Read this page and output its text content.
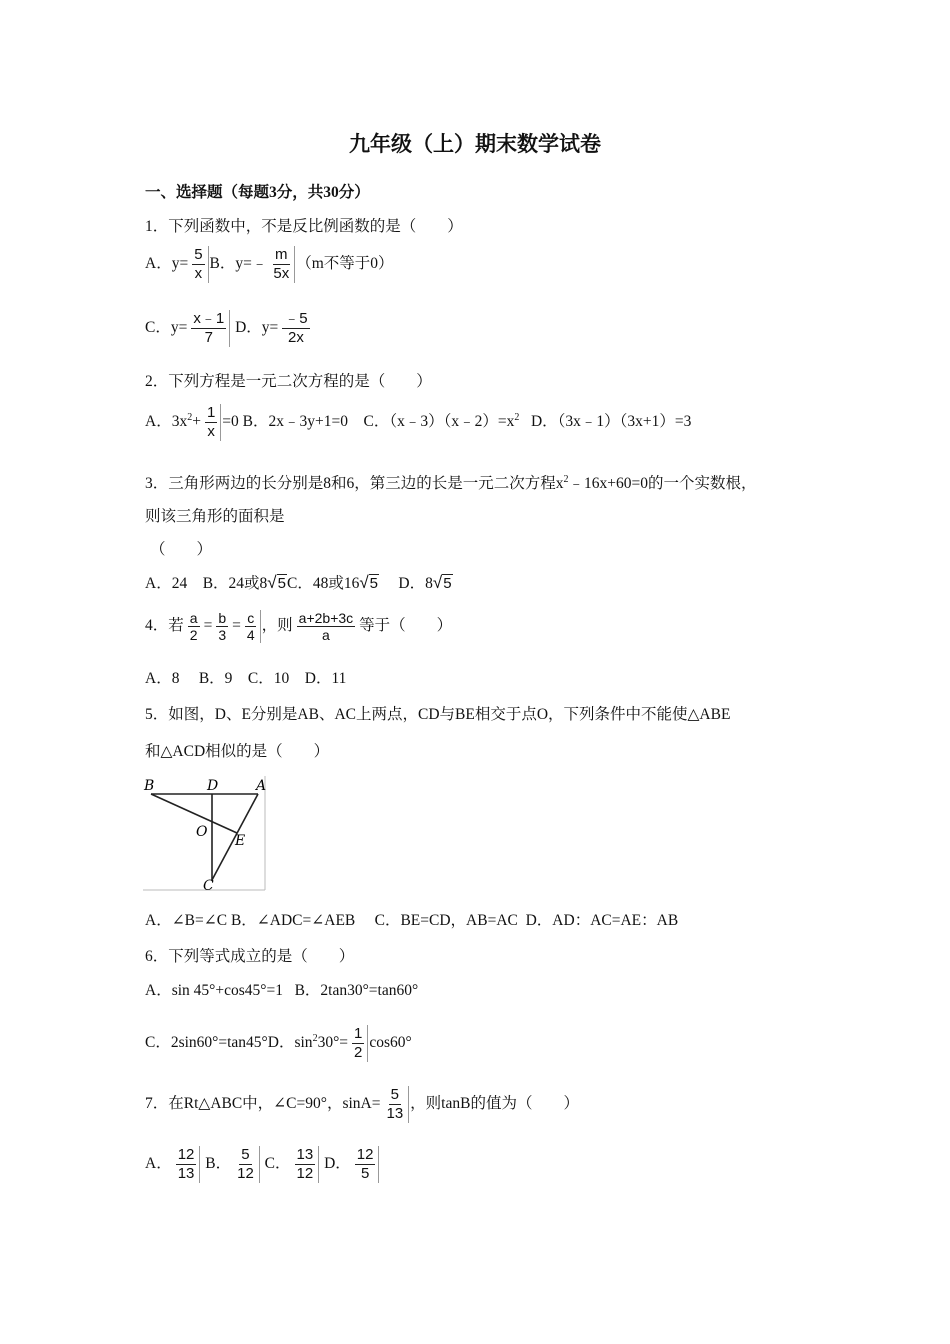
九年级（上）期末数学试卷
一、选择题（每题3分，共30分）
1．下列函数中，不是反比例函数的是（　　）
A．$y= \frac{5}{x}$ B．y=﹣ $\frac{m}{5x} (m$不等于0）
C．$y= \frac{x﹣1}{7}$ D．$y= \frac{﹣5}{2x}$
2．下列方程是一元二次方程的是（　　）
A．$3x^2+ \frac{1}{x} =0$ B．2x﹣3y+1=0 C．$(x﹣3)(x﹣2)=x^2$ D．（3x﹣1）（3x+1）=3
3．三角形两边的长分别是8和6，第三边的长是一元二次方程$x^2﹣16x+60=0$的一个实数根，
则该三角形的面积是
（　　）
A．24 B．24或8√5C．48或16√5 D．8√5
4．若 $\frac{a}{2} = \frac{b}{3} = \frac{c}{4}$ ，则 $\frac{a+2b+3c}{a}$ 等于（　　）
A．8 B．9 C．10 D．11
5．如图，D、E分别是AB、AC上两点，CD与BE相交于点O，下列条件中不能使△ABE
和△ACD相似的是（　　）
B	D	A
O
E
C
A．∠B=∠C B．∠ADC=∠AEB C．BE=CD，AB=AC D．AD：AC=AE：AB
6．下列等式成立的是（　　）
A．sin 45°+cos45°=1 B．2tan30°=tan60°
C．2sin60°=tan45°D．$\sin^230^\circ= \frac{1}{2} \cos 60^\circ$
7．在Rt△ABC中，∠C=90°，$\sin A= \frac{5}{13}$ ，则tanB的值为（　　）
A． $\frac{12}{13}$ B． $\frac{5}{12}$ C． $\frac{13}{12}$ D． $\frac{12}{5}$
